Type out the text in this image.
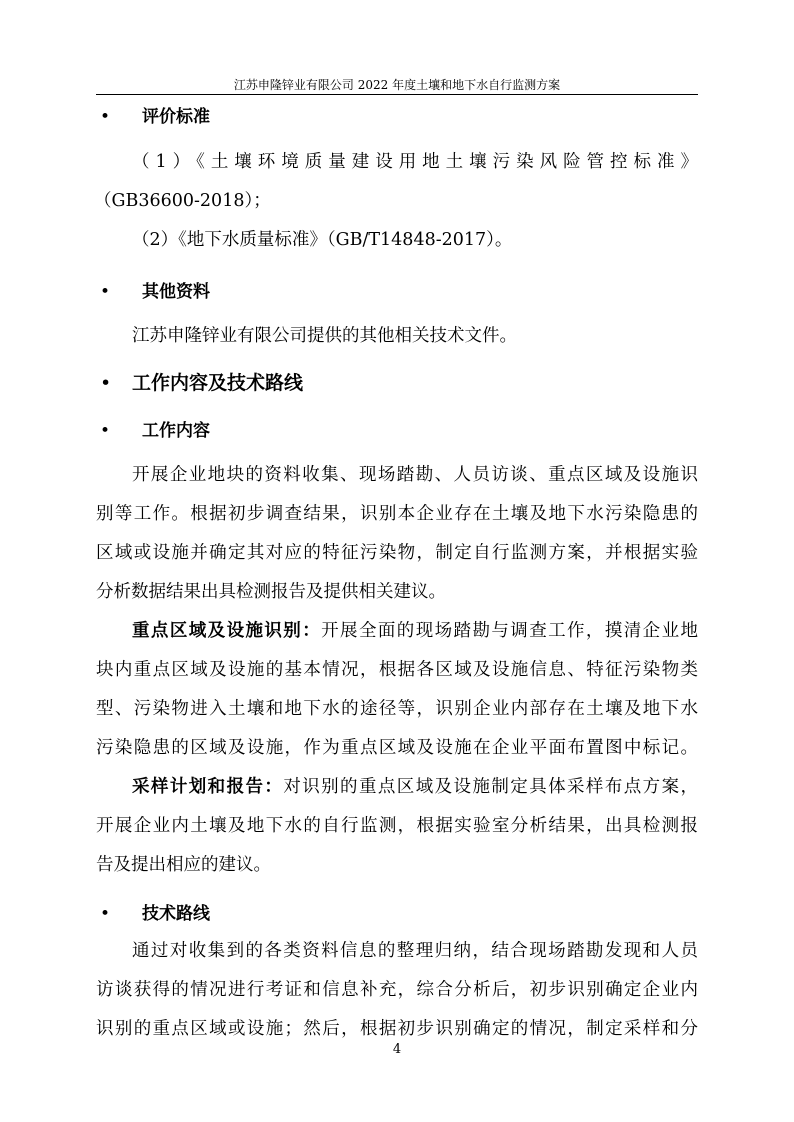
江苏申隆锌业有限公司 2022 年度土壤和地下水自行监测方案
• 评价标准
（1）《土壤环境质量建设用地土壤污染风险管控标准》
（GB36600-2018）；
（2）《地下水质量标准》（GB/T14848-2017）。
• 其他资料
江苏申隆锌业有限公司提供的其他相关技术文件。
• 工作内容及技术路线
• 工作内容
开展企业地块的资料收集、现场踏勘、人员访谈、重点区域及设施识
别等工作。根据初步调查结果，识别本企业存在土壤及地下水污染隐患的
区域或设施并确定其对应的特征污染物，制定自行监测方案，并根据实验
分析数据结果出具检测报告及提供相关建议。
重点区域及设施识别：开展全面的现场踏勘与调查工作，摸清企业地
块内重点区域及设施的基本情况，根据各区域及设施信息、特征污染物类
型、污染物进入土壤和地下水的途径等，识别企业内部存在土壤及地下水
污染隐患的区域及设施，作为重点区域及设施在企业平面布置图中标记。
采样计划和报告：对识别的重点区域及设施制定具体采样布点方案，
开展企业内土壤及地下水的自行监测，根据实验室分析结果，出具检测报
告及提出相应的建议。
• 技术路线
通过对收集到的各类资料信息的整理归纳，结合现场踏勘发现和人员
访谈获得的情况进行考证和信息补充，综合分析后，初步识别确定企业内
识别的重点区域或设施；然后，根据初步识别确定的情况，制定采样和分
4
